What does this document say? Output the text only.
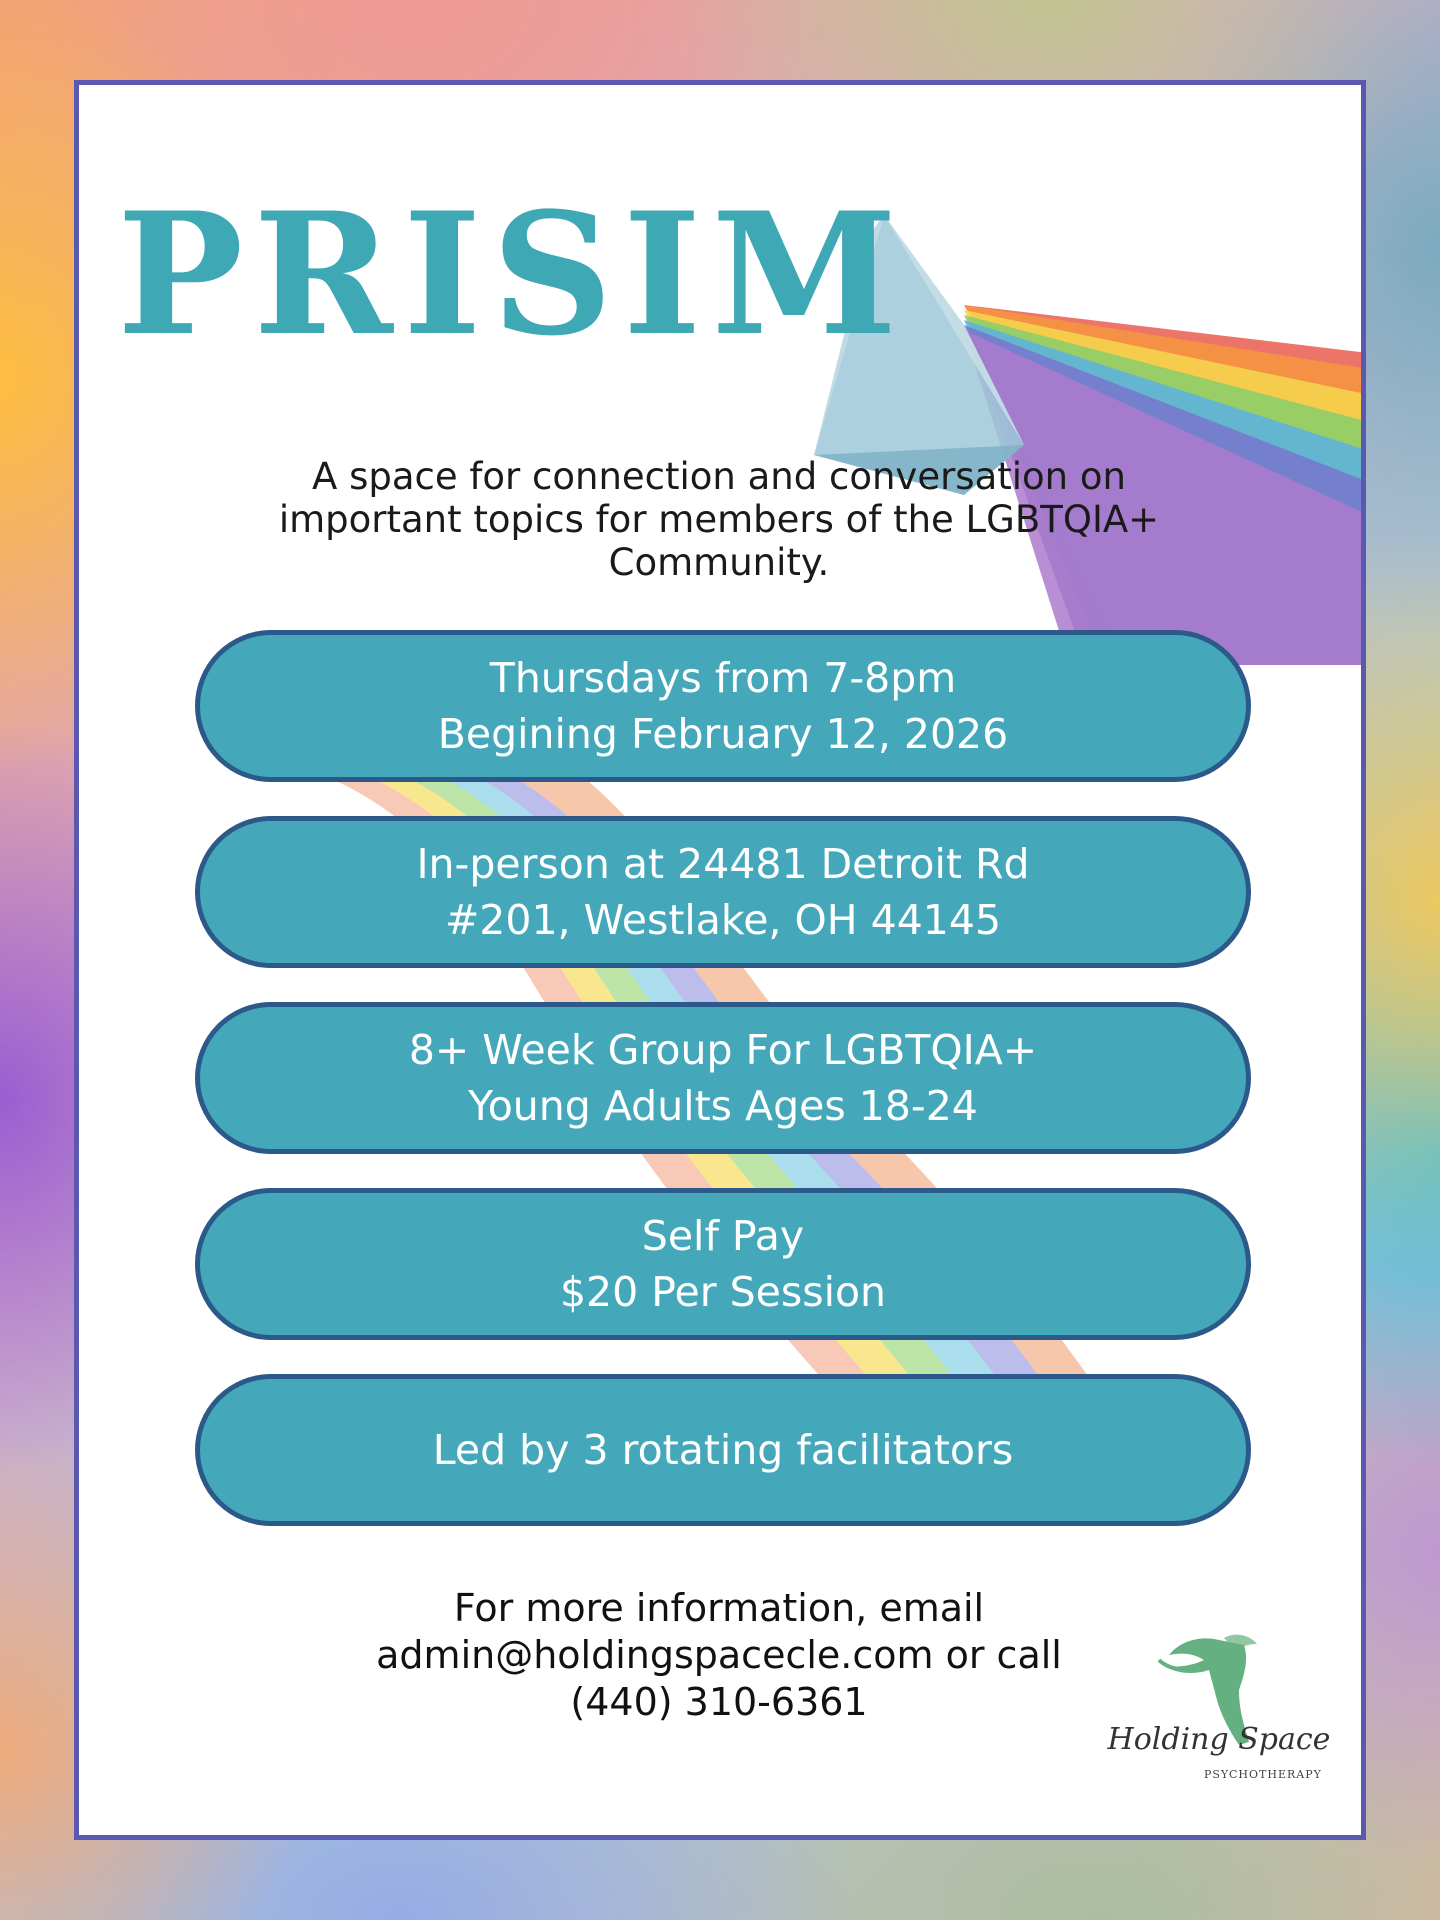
PRISIM
A space for connection and conversation on important topics for members of the LGBTQIA+ Community.
Thursdays from 7-8pm
Begining February 12, 2026
In-person at 24481 Detroit Rd
#201, Westlake, OH 44145
8+ Week Group For LGBTQIA+
Young Adults Ages 18-24
Self Pay
$20 Per Session
Led by 3 rotating facilitators
For more information, email
admin@holdingspacecle.com or call
(440) 310-6361
Holding Space
PSYCHOTHERAPY
